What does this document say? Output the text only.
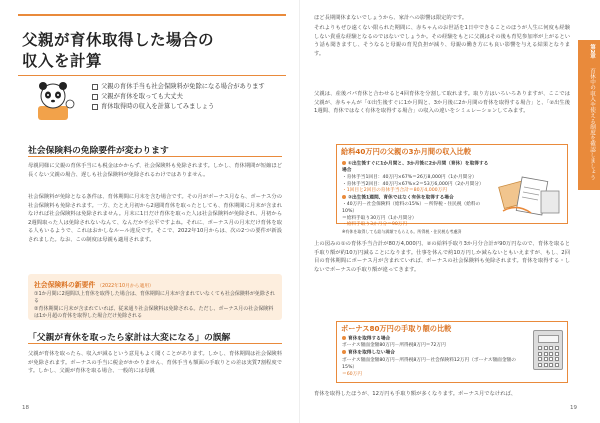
父親が育休取得した場合の
収入を計算
父親の育休手当も社会保険料が免除になる場合があります
父親が育休を取っても大丈夫
育休取得時の収入を計算してみましょう
社会保険料の免除要件が変わります
母親同様に父親の育休手当にも税金はかからず、社会保険料も免除されます。しかし、育休期間が短縮ほど長くない父親の場合、遅しも社会保険料が免除されるわけではありません。
社会保険料が免除となる条件は、育休期間に月末を含む場合です。その月がボーナス月なら、ボーナス分の社会保険料も免除されます。一方、たとえ月初から2週間育休を取ったとしても、育休期間に月末が含まれなければ社会保険料は免除されません。月末に1日だけ育休を取った人は社会保険料が免除され、月初から2週間取った人は免除されないなんて、なんだか不公平ですよね。それに、ボーナス月の月末だけ育休を取る人もいるようで、これはおかしなルール違反です。そこで、2022年10月からは、次の2つの要件が新設されました。なお、この制度は母親も適用されます。
社会保険料の新要件 （2022年10月から適用）
①1か月間に2週間以上育休を取得した場合は、育休期間に月末が含まれていなくても社会保険料が免除される
②育休期間に月末が含まれていれば、従来通り社会保険料は免除される。ただし、ボーナス月の社会保険料は1か月超の育休を取得した場合だけ免除される
「父親が育休を取ったら家計は大変になる」の誤解
父親が育休を取ったら、収入が減るという意見もよく聞くことがあります。しかし、育休期間は社会保険料が免除されます。ボーナスの手当に税金がかかりません、育休手当も額面の手取りとの差は実質7割程度です。しかし、父親が育休を取る場合、一般的には母親
18
ほど長期間休まないでしょうから、家計への影響は限定的です。
それよりもぜひ遠くない限られた期間に、赤ちゃんのお世話を1日中できることのほうが人生に何度も経験しない貴重な経験となるのではないでしょうか。その経験をもとに父親はその後も育児参加率が上がるという話も聞きますし、そうなると母親の育児負担が減り、母親の働き方にも良い影響を与える結果となります。
父親は、産後パパ育休と合わせると4回育休を分割して取れます。取り方はいろいろありますが、ここでは父親が、赤ちゃんが「①出生後すぐに1か月間と、3か月後に2か月間の育休を取得する場合」と、「②出生後1週間、育休ではなく有休を取得する場合」の収入の違いをシミュレーションしてみます。
第2章
育休中の収入や使える制度を確認しましょう
給料40万円の父親の3か月間の収入比較
①出生後すぐに1か月間と、3か月後に2か月間（育休）を取得する場合
・育休手当1回目：40万円×67%＝26万8,000円（1か月間分）
・育休手当2回目：40万円×67%×2＝53万6,000円（2か月間分）
・1回目と2回目の育休手当合計＝80万4,000万円
②出生後1週間、育休ではなく有休を取得する場合
・40万円－社会保険料（給料の15%）－所得税・住民税（給料の10%）
＝給料手取り30万円（1か月間分）
・給料手取り3か月分＝90万円
※有休を取得しても給与満額でもらえる。所得税・住民税も考慮済
上の図みの①の育休手当合計が80万4,000円、②の給料手取り3か月分合計が90万円なので、育休を取ると手取り額が約10万円減ることになります。仕事を休んで約10万円しか減らないともいえますが、もし、2回目の育休期間にボーナス月が含まれていれば、ボーナスの社会保険料も免除されます。育休を取得する・しないでボーナスの手取り額が違ってきます。
ボーナス80万円の手取り額の比較
育休を取得する場合
ボーナス額面金額80万円－所得税8万円＝72万円
育休を取得しない場合
ボーナス額面金額80万円－所得税8万円－社会保険料12万円（ボーナス額面金額の15%）
＝60万円
育休を取得したほうが、12万円も手取り額が多くなります。ボーナス月でなければ、
19
